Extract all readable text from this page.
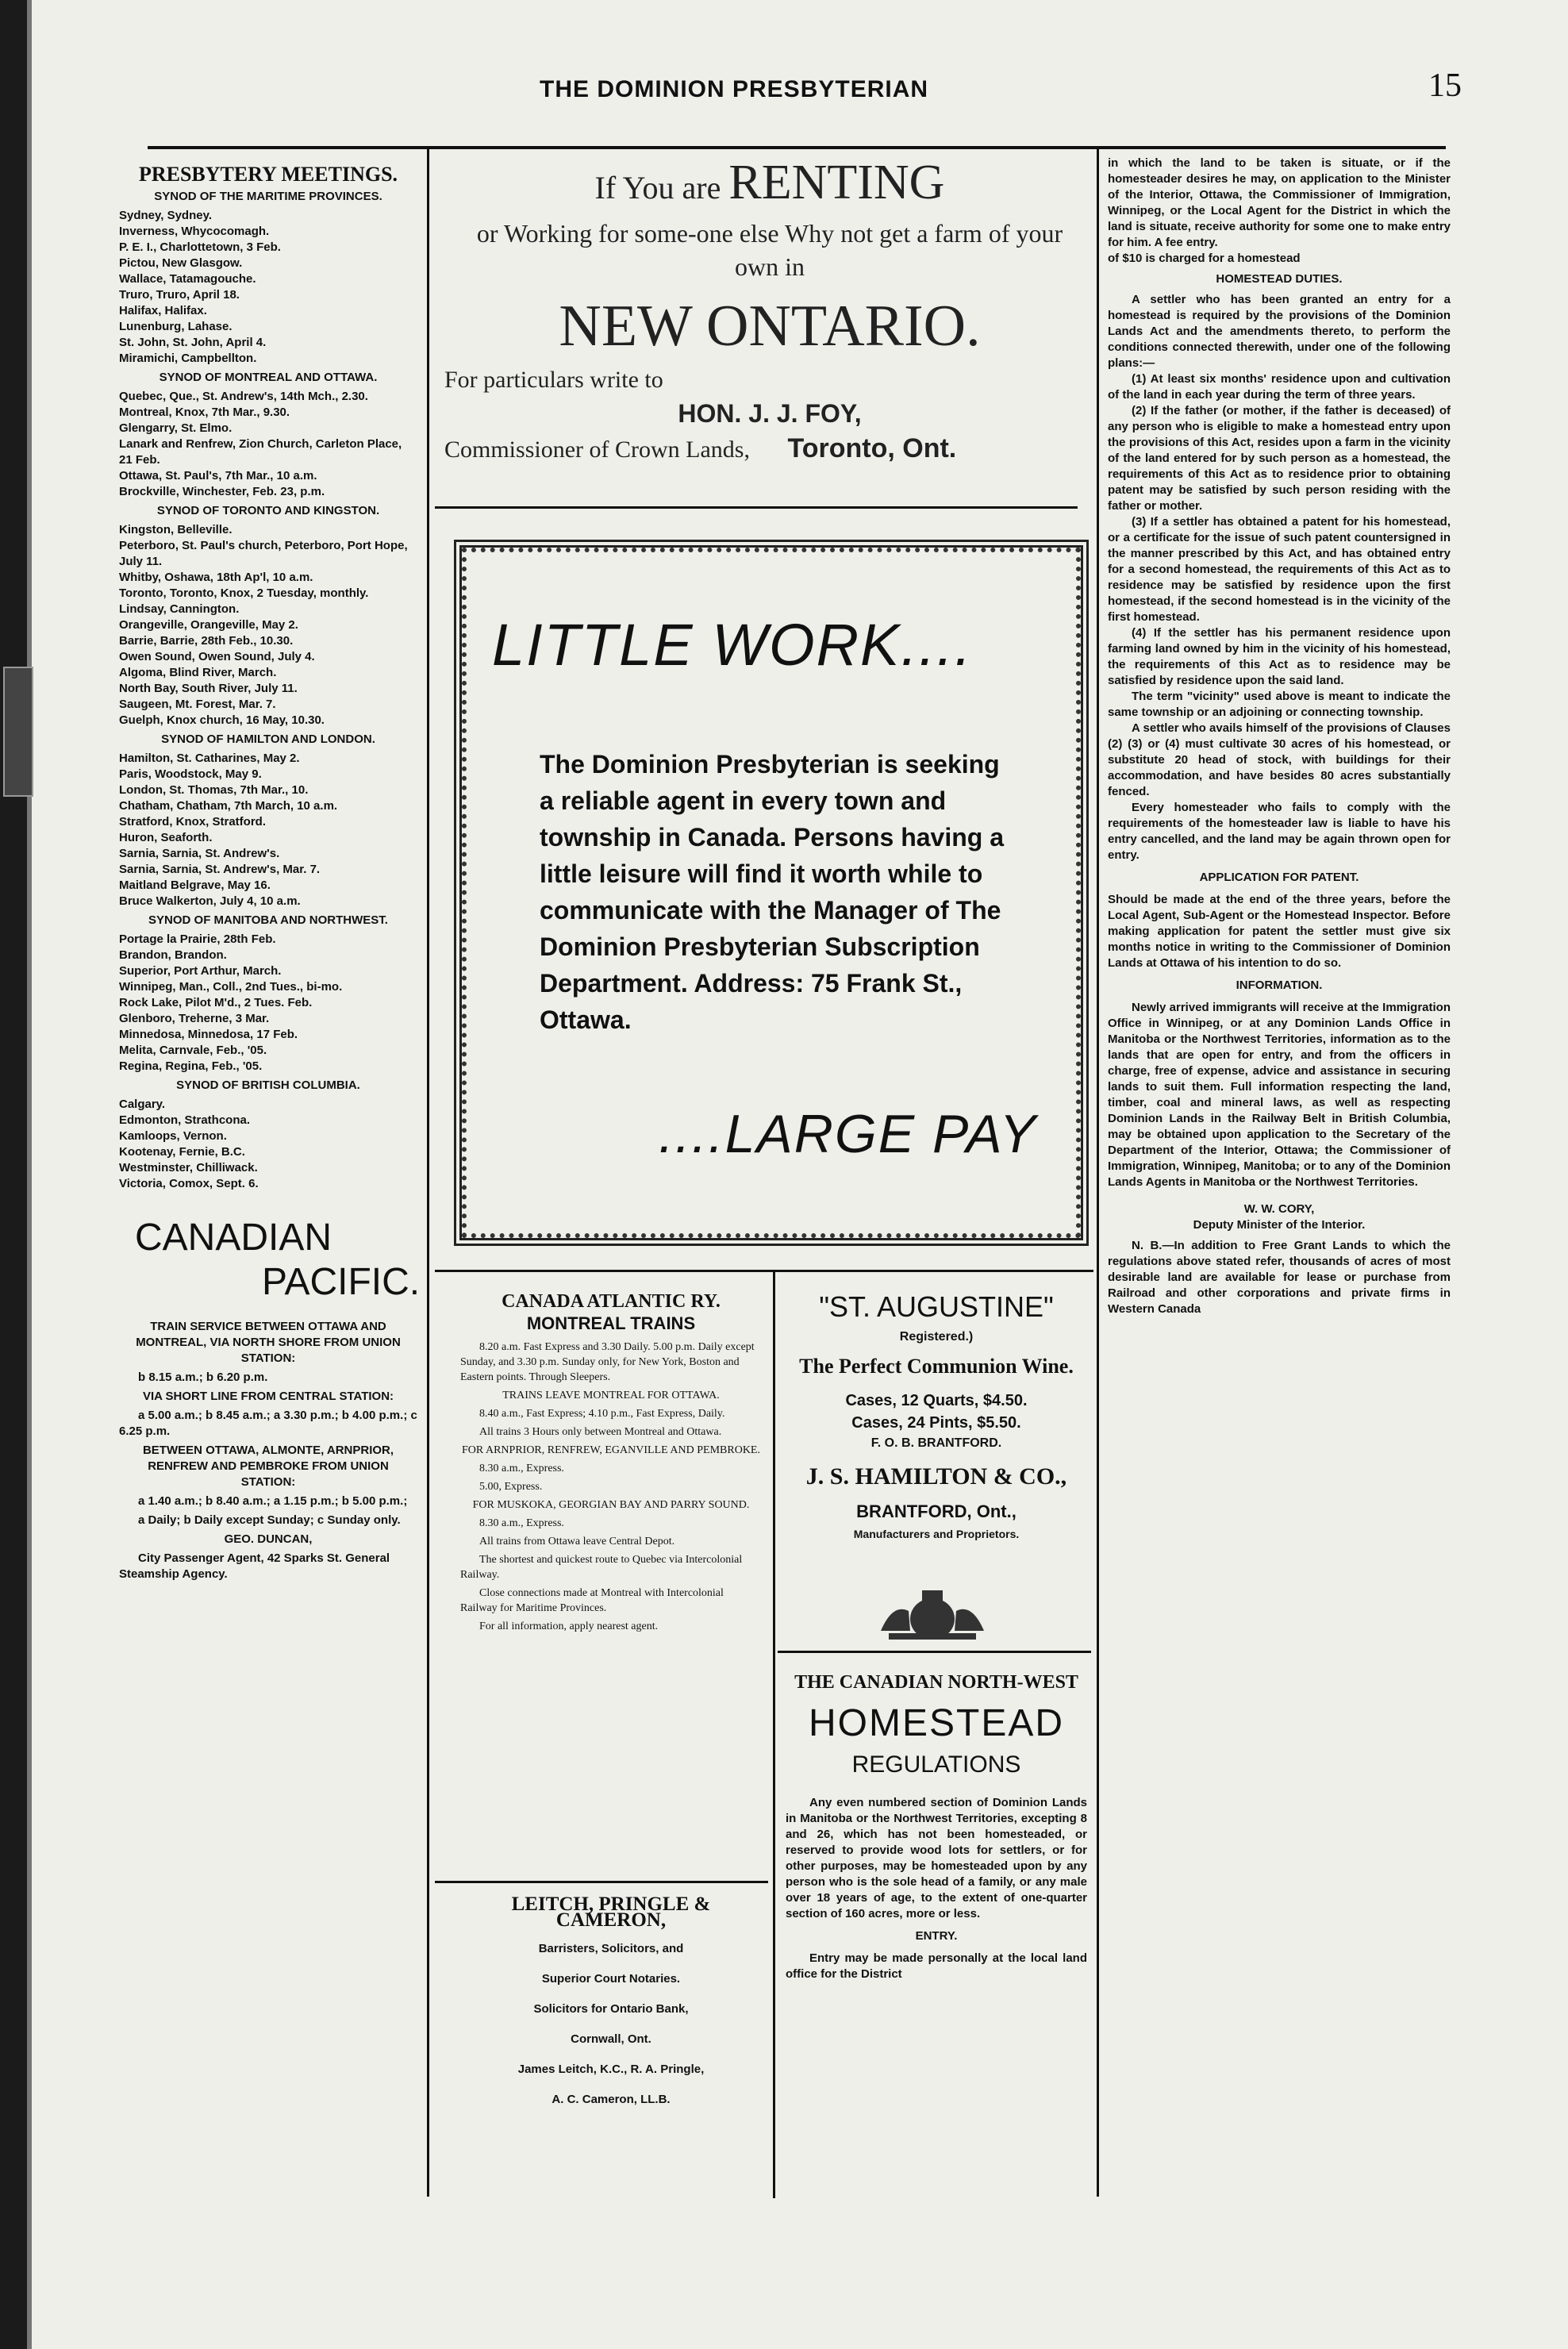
THE DOMINION PRESBYTERIAN	15
PRESBYTERY MEETINGS.

SYNOD OF THE MARITIME PROVINCES.

Sydney, Sydney.

Inverness, Whycocomagh.

P. E. I., Charlottetown, 3 Feb.

Pictou, New Glasgow.

Wallace, Tatamagouche.

Truro, Truro, April 18.

Halifax, Halifax.

Lunenburg, Lahase.

St. John, St. John, April 4.

Miramichi, Campbellton.

SYNOD OF MONTREAL AND OTTAWA.

Quebec, Que., St. Andrew's, 14th Mch., 2.30.

Montreal, Knox, 7th Mar., 9.30.

Glengarry, St. Elmo.

Lanark and Renfrew, Zion Church, Carleton Place, 21 Feb.

Ottawa, St. Paul's, 7th Mar., 10 a.m.

Brockville, Winchester, Feb. 23, p.m.

SYNOD OF TORONTO AND KINGSTON.

Kingston, Belleville.

Peterboro, St. Paul's church, Peterboro, Port Hope, July 11.

Whitby, Oshawa, 18th Ap'l, 10 a.m.

Toronto, Toronto, Knox, 2 Tuesday, monthly.

Lindsay, Cannington.

Orangeville, Orangeville, May 2.

Barrie, Barrie, 28th Feb., 10.30.

Owen Sound, Owen Sound, July 4.

Algoma, Blind River, March.

North Bay, South River, July 11.

Saugeen, Mt. Forest, Mar. 7.

Guelph, Knox church, 16 May, 10.30.

SYNOD OF HAMILTON AND LONDON.

Hamilton, St. Catharines, May 2.

Paris, Woodstock, May 9.

London, St. Thomas, 7th Mar., 10.

Chatham, Chatham, 7th March, 10 a.m.

Stratford, Knox, Stratford.

Huron, Seaforth.

Sarnia, Sarnia, St. Andrew's.

Sarnia, Sarnia, St. Andrew's, Mar. 7.

Maitland Belgrave, May 16.

Bruce Walkerton, July 4, 10 a.m.

SYNOD OF MANITOBA AND NORTHWEST.

Portage la Prairie, 28th Feb.

Brandon, Brandon.

Superior, Port Arthur, March.

Winnipeg, Man., Coll., 2nd Tues., bi-mo.

Rock Lake, Pilot M'd., 2 Tues. Feb.

Glenboro, Treherne, 3 Mar.

Minnedosa, Minnedosa, 17 Feb.

Melita, Carnvale, Feb., '05.

Regina, Regina, Feb., '05.

SYNOD OF BRITISH COLUMBIA.

Calgary.

Edmonton, Strathcona.

Kamloops, Vernon.

Kootenay, Fernie, B.C.

Westminster, Chilliwack.

Victoria, Comox, Sept. 6.

CANADIAN
PACIFIC.

TRAIN SERVICE BETWEEN OTTAWA AND MONTREAL, VIA NORTH SHORE FROM UNION STATION:

b 8.15 a.m.; b 6.20 p.m.

VIA SHORT LINE FROM CENTRAL STATION:

a 5.00 a.m.; b 8.45 a.m.; a 3.30 p.m.; b 4.00 p.m.; c 6.25 p.m.

BETWEEN OTTAWA, ALMONTE, ARNPRIOR, RENFREW AND PEMBROKE FROM UNION STATION:

a 1.40 a.m.; b 8.40 a.m.; a 1.15 p.m.; b 5.00 p.m.;

a Daily; b Daily except Sunday; c Sunday only.

GEO. DUNCAN,

City Passenger Agent, 42 Sparks St. General Steamship Agency.

If You are RENTING
or Working for some-one else Why not get a farm of your own in
NEW ONTARIO.
For particulars write to
HON. J. J. FOY,
Commissioner of Crown Lands, Toronto, Ont.
LITTLE WORK....
The Dominion Presbyterian is seeking a reliable agent in every town and township in Canada. Persons having a little leisure will find it worth while to communicate with the Manager of The Dominion Presbyterian Subscription Department. Address: 75 Frank St., Ottawa.
....LARGE PAY
CANADA ATLANTIC RY.
MONTREAL TRAINS

8.20 a.m. Fast Express and 3.30 Daily. 5.00 p.m. Daily except Sunday, and 3.30 p.m. Sunday only, for New York, Boston and Eastern points. Through Sleepers.

TRAINS LEAVE MONTREAL FOR OTTAWA.

8.40 a.m., Fast Express; 4.10 p.m., Fast Express, Daily.

All trains 3 Hours only between Montreal and Ottawa.

FOR ARNPRIOR, RENFREW, EGANVILLE AND PEMBROKE.

8.30 a.m., Express.

5.00, Express.

FOR MUSKOKA, GEORGIAN BAY AND PARRY SOUND.

8.30 a.m., Express.

All trains from Ottawa leave Central Depot.

The shortest and quickest route to Quebec via Intercolonial Railway.

Close connections made at Montreal with Intercolonial Railway for Maritime Provinces.

For all information, apply nearest agent.

LEITCH, PRINGLE & CAMERON,

Barristers, Solicitors, and

Superior Court Notaries.

Solicitors for Ontario Bank,

Cornwall, Ont.

James Leitch, K.C., R. A. Pringle,

A. C. Cameron, LL.B.

"ST. AUGUSTINE"
Registered.)
The Perfect Communion Wine.
Cases, 12 Quarts, $4.50.
Cases, 24 Pints, $5.50.
F. O. B. BRANTFORD.
J. S. HAMILTON & CO.,
BRANTFORD, Ont.,
Manufacturers and Proprietors.
THE CANADIAN NORTH-WEST
HOMESTEAD
REGULATIONS

Any even numbered section of Dominion Lands in Manitoba or the Northwest Territories, excepting 8 and 26, which has not been homesteaded, or reserved to provide wood lots for settlers, or for other purposes, may be homesteaded upon by any person who is the sole head of a family, or any male over 18 years of age, to the extent of one-quarter section of 160 acres, more or less.

ENTRY.

Entry may be made personally at the local land office for the District

in which the land to be taken is situate, or if the homesteader desires he may, on application to the Minister of the Interior, Ottawa, the Commissioner of Immigration, Winnipeg, or the Local Agent for the District in which the land is situate, receive authority for some one to make entry for him. A fee entry.

of $10 is charged for a homestead

HOMESTEAD DUTIES.

A settler who has been granted an entry for a homestead is required by the provisions of the Dominion Lands Act and the amendments thereto, to perform the conditions connected therewith, under one of the following plans:—

(1) At least six months' residence upon and cultivation of the land in each year during the term of three years.

(2) If the father (or mother, if the father is deceased) of any person who is eligible to make a homestead entry upon the provisions of this Act, resides upon a farm in the vicinity of the land entered for by such person as a homestead, the requirements of this Act as to residence prior to obtaining patent may be satisfied by such person residing with the father or mother.

(3) If a settler has obtained a patent for his homestead, or a certificate for the issue of such patent countersigned in the manner prescribed by this Act, and has obtained entry for a second homestead, the requirements of this Act as to residence may be satisfied by residence upon the first homestead, if the second homestead is in the vicinity of the first homestead.

(4) If the settler has his permanent residence upon farming land owned by him in the vicinity of his homestead, the requirements of this Act as to residence may be satisfied by residence upon the said land.

The term "vicinity" used above is meant to indicate the same township or an adjoining or connecting township.

A settler who avails himself of the provisions of Clauses (2) (3) or (4) must cultivate 30 acres of his homestead, or substitute 20 head of stock, with buildings for their accommodation, and have besides 80 acres substantially fenced.

Every homesteader who fails to comply with the requirements of the homesteader law is liable to have his entry cancelled, and the land may be again thrown open for entry.

APPLICATION FOR PATENT.

Should be made at the end of the three years, before the Local Agent, Sub-Agent or the Homestead Inspector. Before making application for patent the settler must give six months notice in writing to the Commissioner of Dominion Lands at Ottawa of his intention to do so.

INFORMATION.

Newly arrived immigrants will receive at the Immigration Office in Winnipeg, or at any Dominion Lands Office in Manitoba or the Northwest Territories, information as to the lands that are open for entry, and from the officers in charge, free of expense, advice and assistance in securing lands to suit them. Full information respecting the land, timber, coal and mineral laws, as well as respecting Dominion Lands in the Railway Belt in British Columbia, may be obtained upon application to the Secretary of the Department of the Interior, Ottawa; the Commissioner of Immigration, Winnipeg, Manitoba; or to any of the Dominion Lands Agents in Manitoba or the Northwest Territories.

W. W. CORY,

Deputy Minister of the Interior.

N. B.—In addition to Free Grant Lands to which the regulations above stated refer, thousands of acres of most desirable land are available for lease or purchase from Railroad and other corporations and private firms in Western Canada
